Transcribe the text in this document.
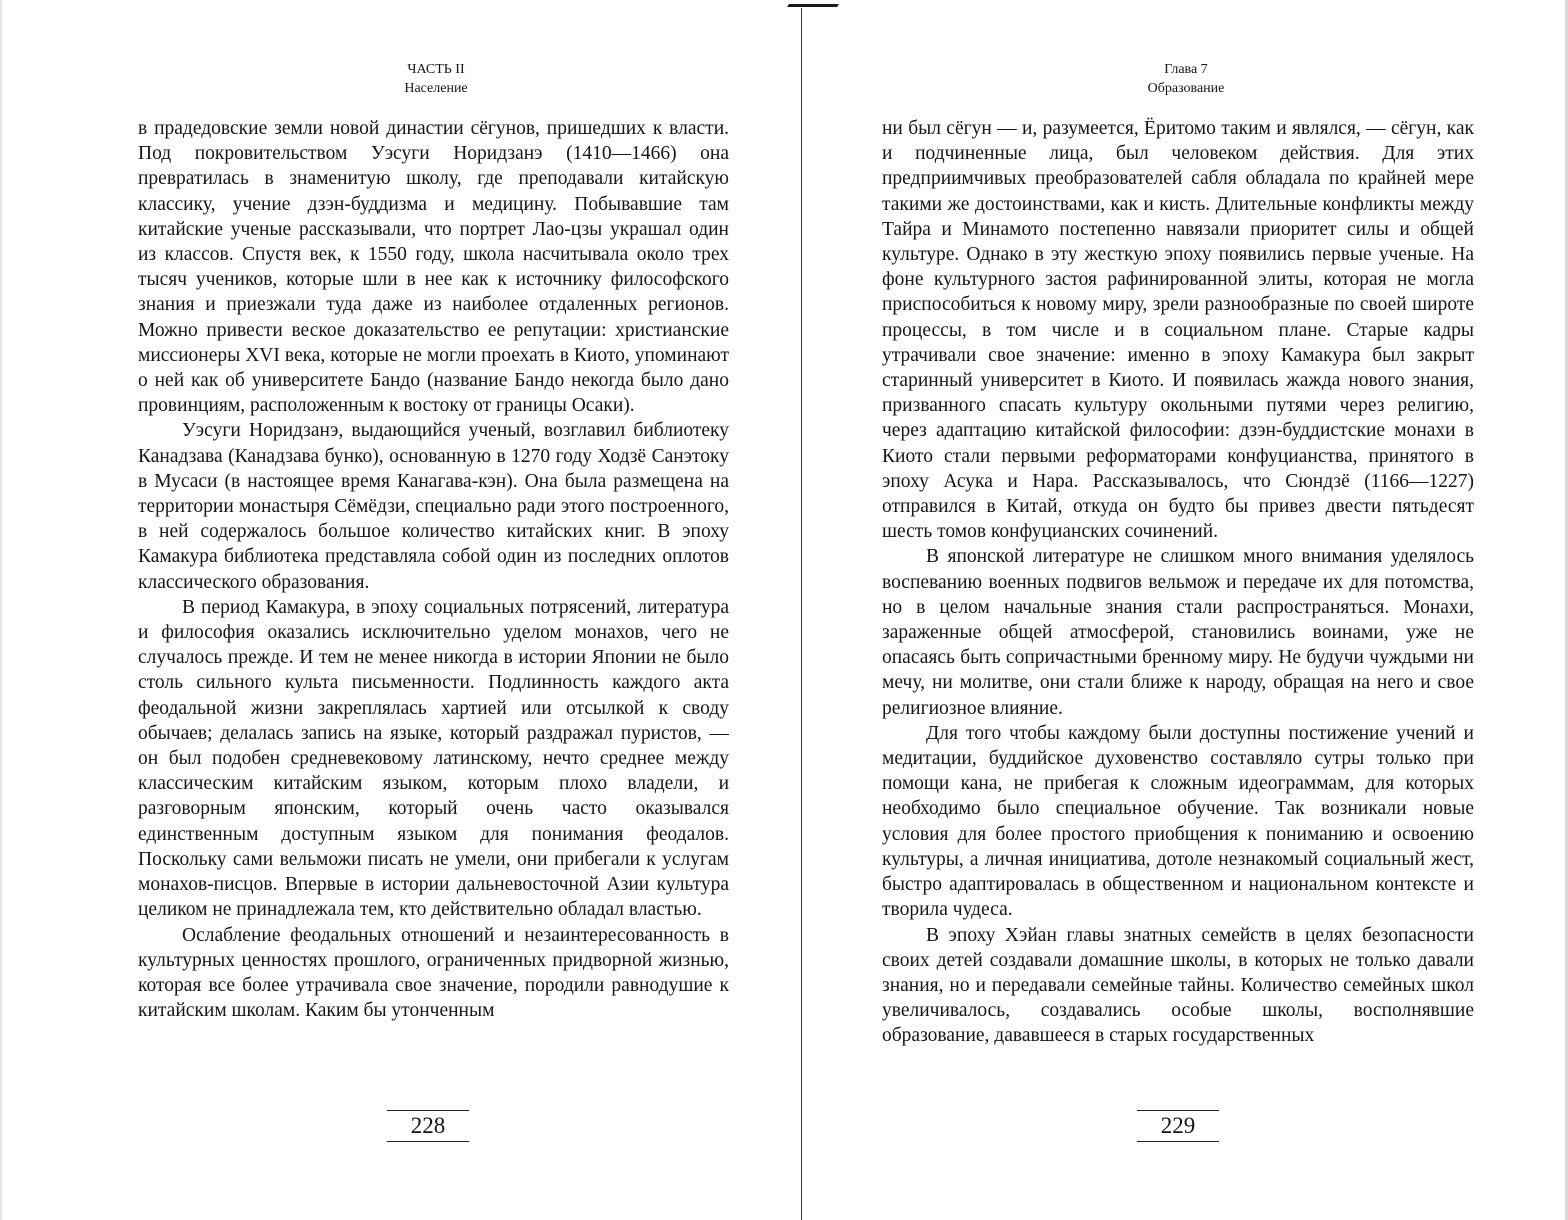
ЧАСТЬ II
Население

в прадедовские земли новой династии сёгунов, пришедших к власти. Под покровительством Уэсуги Норидзанэ (1410—1466) она превратилась в знаменитую школу, где преподавали китайскую классику, учение дзэн-буддизма и медицину. Побывавшие там китайские ученые рассказывали, что портрет Лао-цзы украшал один из классов. Спустя век, к 1550 году, школа насчитывала около трех тысяч учеников, которые шли в нее как к источнику философского знания и приезжали туда даже из наиболее отдаленных регионов. Можно привести веское доказательство ее репутации: христианские миссионеры XVI века, которые не могли проехать в Киото, упоминают о ней как об университете Бандо (название Бандо некогда было дано провинциям, расположенным к востоку от границы Осаки).

Уэсуги Норидзанэ, выдающийся ученый, возглавил библиотеку Канадзава (Канадзава бунко), основанную в 1270 году Ходзё Санэтоку в Мусаси (в настоящее время Канагава-кэн). Она была размещена на территории монастыря Сёмёдзи, специально ради этого построенного, в ней содержалось большое количество китайских книг. В эпоху Камакура библиотека представляла собой один из последних оплотов классического образования.

В период Камакура, в эпоху социальных потрясений, литература и философия оказались исключительно уделом монахов, чего не случалось прежде. И тем не менее никогда в истории Японии не было столь сильного культа письменности. Подлинность каждого акта феодальной жизни закреплялась хартией или отсылкой к своду обычаев; делалась запись на языке, который раздражал пуристов, — он был подобен средневековому латинскому, нечто среднее между классическим китайским языком, которым плохо владели, и разговорным японским, который очень часто оказывался единственным доступным языком для понимания феодалов. Поскольку сами вельможи писать не умели, они прибегали к услугам монахов-писцов. Впервые в истории дальневосточной Азии культура целиком не принадлежала тем, кто действительно обладал властью.

Ослабление феодальных отношений и незаинтересованность в культурных ценностях прошлого, ограниченных придворной жизнью, которая все более утрачивала свое значение, породили равнодушие к китайским школам. Каким бы утонченным

228
Глава 7
Образование

ни был сёгун — и, разумеется, Ёритомо таким и являлся, — сёгун, как и подчиненные лица, был человеком действия. Для этих предприимчивых преобразователей сабля обладала по крайней мере такими же достоинствами, как и кисть. Длительные конфликты между Тайра и Минамото постепенно навязали приоритет силы и общей культуре. Однако в эту жесткую эпоху появились первые ученые. На фоне культурного застоя рафинированной элиты, которая не могла приспособиться к новому миру, зрели разнообразные по своей широте процессы, в том числе и в социальном плане. Старые кадры утрачивали свое значение: именно в эпоху Камакура был закрыт старинный университет в Киото. И появилась жажда нового знания, призванного спасать культуру окольными путями через религию, через адаптацию китайской философии: дзэн-буддистские монахи в Киото стали первыми реформаторами конфуцианства, принятого в эпоху Асука и Нара. Рассказывалось, что Сюндзё (1166—1227) отправился в Китай, откуда он будто бы привез двести пятьдесят шесть томов конфуцианских сочинений.

В японской литературе не слишком много внимания уделялось воспеванию военных подвигов вельмож и передаче их для потомства, но в целом начальные знания стали распространяться. Монахи, зараженные общей атмосферой, становились воинами, уже не опасаясь быть сопричастными бренному миру. Не будучи чуждыми ни мечу, ни молитве, они стали ближе к народу, обращая на него и свое религиозное влияние.

Для того чтобы каждому были доступны постижение учений и медитации, буддийское духовенство составляло сутры только при помощи кана, не прибегая к сложным идеограммам, для которых необходимо было специальное обучение. Так возникали новые условия для более простого приобщения к пониманию и освоению культуры, а личная инициатива, дотоле незнакомый социальный жест, быстро адаптировалась в общественном и национальном контексте и творила чудеса.

В эпоху Хэйан главы знатных семейств в целях безопасности своих детей создавали домашние школы, в которых не только давали знания, но и передавали семейные тайны. Количество семейных школ увеличивалось, создавались особые школы, восполнявшие образование, дававшееся в старых государственных

229
